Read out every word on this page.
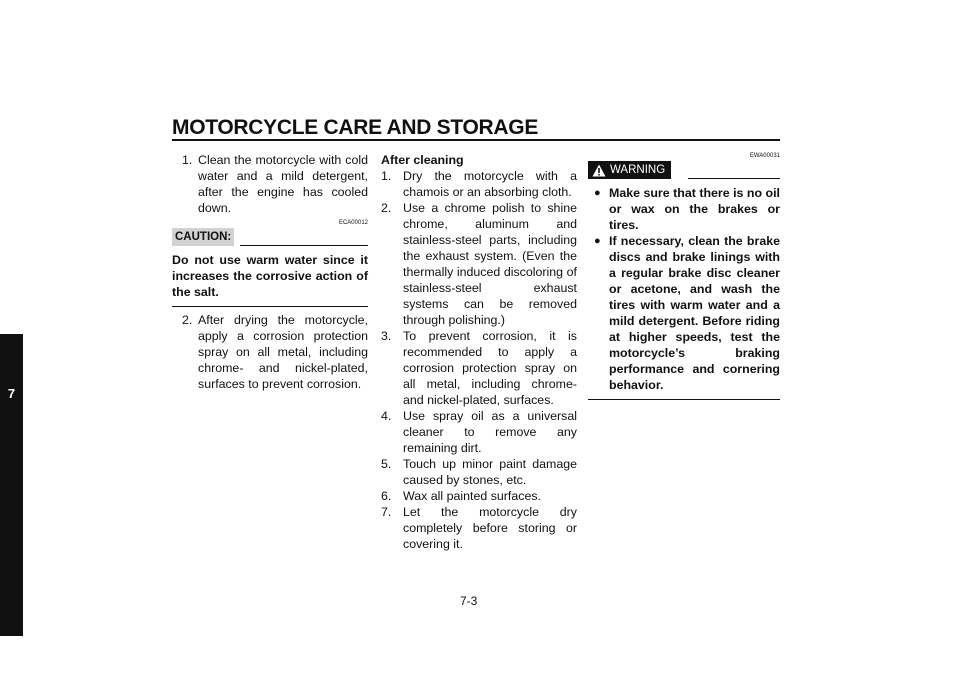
MOTORCYCLE CARE AND STORAGE
7
1. Clean the motorcycle with cold water and a mild detergent, after the engine has cooled down.
ECA00012
CAUTION:
Do not use warm water since it increases the corrosive action of the salt.
2. After drying the motorcycle, apply a corrosion protection spray on all metal, including chrome- and nickel-plated, surfaces to prevent corrosion.
After cleaning
1. Dry the motorcycle with a chamois or an absorbing cloth.
2. Use a chrome polish to shine chrome, aluminum and stainless-steel parts, including the exhaust system. (Even the thermally induced discoloring of stainless-steel exhaust systems can be removed through polishing.)
3. To prevent corrosion, it is recommended to apply a corrosion protection spray on all metal, including chrome- and nickel-plated, surfaces.
4. Use spray oil as a universal cleaner to remove any remaining dirt.
5. Touch up minor paint damage caused by stones, etc.
6. Wax all painted surfaces.
7. Let the motorcycle dry completely before storing or covering it.
EWA00031
WARNING
● Make sure that there is no oil or wax on the brakes or tires.
● If necessary, clean the brake discs and brake linings with a regular brake disc cleaner or acetone, and wash the tires with warm water and a mild detergent. Before riding at higher speeds, test the motorcycle’s braking performance and cornering behavior.
7-3
